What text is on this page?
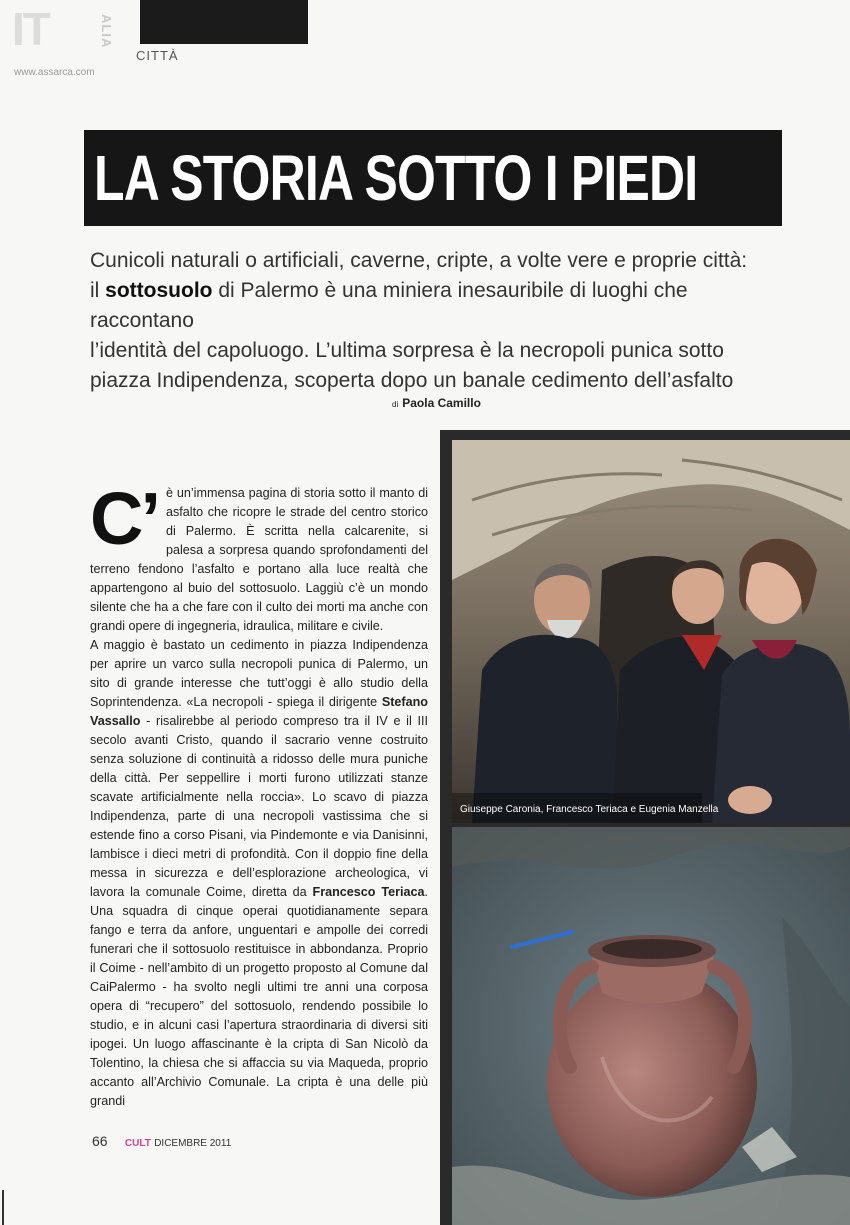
IT	ALIA
www.assarca.com
CITTÀ
LA STORIA SOTTO I PIEDI
Cunicoli naturali o artificiali, caverne, cripte, a volte vere e proprie città:
il sottosuolo di Palermo è una miniera inesauribile di luoghi che raccontano
l’identità del capoluogo. L’ultima sorpresa è la necropoli punica sotto
piazza Indipendenza, scoperta dopo un banale cedimento dell’asfalto
di Paola Camillo

C’ è un’immensa pagina di storia sotto il manto di asfalto che ricopre le strade del centro storico di Palermo. È scritta nella calcarenite, si palesa a sorpresa quando sprofondamenti del terreno fendono l’asfalto e portano alla luce realtà che appartengono al buio del sottosuolo. Laggiù c’è un mondo silente che ha a che fare con il culto dei morti ma anche con grandi opere di ingegneria, idraulica, militare e civile.

A maggio è bastato un cedimento in piazza Indipendenza per aprire un varco sulla necropoli punica di Palermo, un sito di grande interesse che tutt’oggi è allo studio della Soprintendenza. «La necropoli - spiega il dirigente Stefano Vassallo - risalirebbe al periodo compreso tra il IV e il III secolo avanti Cristo, quando il sacrario venne costruito senza soluzione di continuità a ridosso delle mura puniche della città. Per seppellire i morti furono utilizzati stanze scavate artificialmente nella roccia». Lo scavo di piazza Indipendenza, parte di una necropoli vastissima che si estende fino a corso Pisani, via Pindemonte e via Danisinni, lambisce i dieci metri di profondità. Con il doppio fine della messa in sicurezza e dell’esplorazione archeologica, vi lavora la comunale Coime, diretta da Francesco Teriaca. Una squadra di cinque operai quotidianamente separa fango e terra da anfore, unguentari e ampolle dei corredi funerari che il sottosuolo restituisce in abbondanza. Proprio il Coime - nell’ambito di un progetto proposto al Comune dal CaiPalermo - ha svolto negli ultimi tre anni una corposa opera di “recupero” del sottosuolo, rendendo possibile lo studio, e in alcuni casi l’apertura straordinaria di diversi siti ipogei. Un luogo affascinante è la cripta di San Nicolò da Tolentino, la chiesa che si affaccia su via Maqueda, proprio accanto all’Archivio Comunale. La cripta è una delle più grandi

66 CULT DICEMBRE 2011
Giuseppe Caronia, Francesco Teriaca e Eugenia Manzella
